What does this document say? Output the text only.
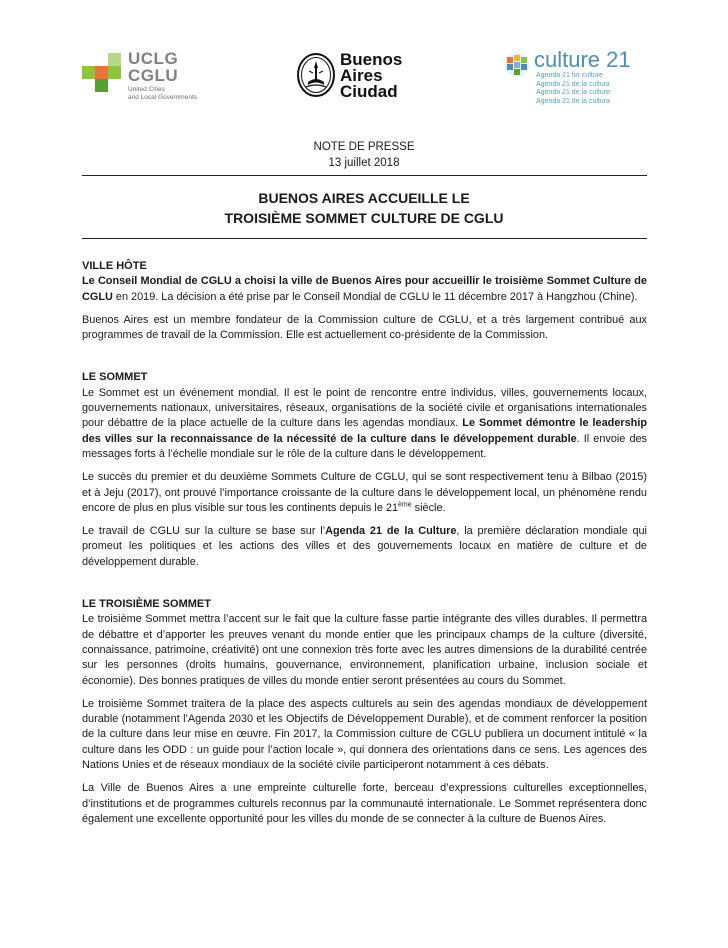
UCLG
CGLU
United Cities
and Local Governments
Buenos
Aires
Ciudad
culture 21
Agenda 21 for culture
Agenda 21 de la cultura
Agenda 21 de la culture
Agenda 21 de la cultura
NOTE DE PRESSE
13 juillet 2018
BUENOS AIRES ACCUEILLE LE
TROISIÈME SOMMET CULTURE DE CGLU
VILLE HÔTE

Le Conseil Mondial de CGLU a choisi la ville de Buenos Aires pour accueillir le troisième Sommet Culture de CGLU en 2019. La décision a été prise par le Conseil Mondial de CGLU le 11 décembre 2017 à Hangzhou (Chine).

Buenos Aires est un membre fondateur de la Commission culture de CGLU, et a très largement contribué aux programmes de travail de la Commission. Elle est actuellement co-présidente de la Commission.

LE SOMMET

Le Sommet est un événement mondial. Il est le point de rencontre entre individus, villes, gouvernements locaux, gouvernements nationaux, universitaires, réseaux, organisations de la société civile et organisations internationales pour débattre de la place actuelle de la culture dans les agendas mondiaux. Le Sommet démontre le leadership des villes sur la reconnaissance de la nécessité de la culture dans le développement durable. Il envoie des messages forts à l’échelle mondiale sur le rôle de la culture dans le développement.

Le succès du premier et du deuxième Sommets Culture de CGLU, qui se sont respectivement tenu à Bilbao (2015) et à Jeju (2017), ont prouvé l’importance croissante de la culture dans le développement local, un phénomène rendu encore de plus en plus visible sur tous les continents depuis le 21ème siècle.

Le travail de CGLU sur la culture se base sur l’Agenda 21 de la Culture, la première déclaration mondiale qui promeut les politiques et les actions des villes et des gouvernements locaux en matière de culture et de développement durable.

LE TROISIÈME SOMMET

Le troisième Sommet mettra l’accent sur le fait que la culture fasse partie intégrante des villes durables. Il permettra de débattre et d’apporter les preuves venant du monde entier que les principaux champs de la culture (diversité, connaissance, patrimoine, créativité) ont une connexion très forte avec les autres dimensions de la durabilité centrée sur les personnes (droits humains, gouvernance, environnement, planification urbaine, inclusion sociale et économie). Des bonnes pratiques de villes du monde entier seront présentées au cours du Sommet.

Le troisième Sommet traitera de la place des aspects culturels au sein des agendas mondiaux de développement durable (notamment l’Agenda 2030 et les Objectifs de Développement Durable), et de comment renforcer la position de la culture dans leur mise en œuvre. Fin 2017, la Commission culture de CGLU publiera un document intitulé « la culture dans les ODD : un guide pour l’action locale », qui donnera des orientations dans ce sens. Les agences des Nations Unies et de réseaux mondiaux de la société civile participeront notamment à ces débats.

La Ville de Buenos Aires a une empreinte culturelle forte, berceau d’expressions culturelles exceptionnelles, d’institutions et de programmes culturels reconnus par la communauté internationale. Le Sommet représentera donc également une excellente opportunité pour les villes du monde de se connecter à la culture de Buenos Aires.
